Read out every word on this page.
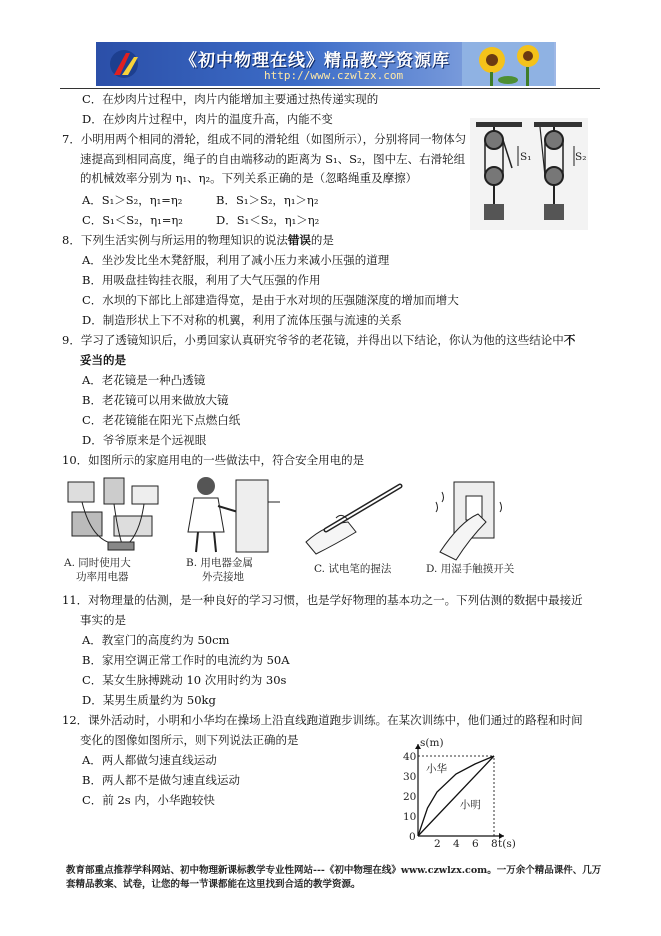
《初中物理在线》精品教学资源库
http://www.czwlzx.com
C．在炒肉片过程中，肉片内能增加主要通过热传递实现的
D．在炒肉片过程中，肉片的温度升高，内能不变
7．小明用两个相同的滑轮，组成不同的滑轮组（如图所示），分别将同一物体匀
速提高到相同高度，绳子的自由端移动的距离为 S₁、S₂，图中左、右滑轮组
的机械效率分别为 η₁、η₂。下列关系正确的是（忽略绳重及摩擦）
A．S₁＞S₂，η₁=η₂	B．S₁＞S₂，η₁＞η₂
C．S₁＜S₂，η₁=η₂	D．S₁＜S₂，η₁＞η₂
S₁	S₂
8．下列生活实例与所运用的物理知识的说法错误的是
A．坐沙发比坐木凳舒服，利用了减小压力来减小压强的道理
B．用吸盘挂钩挂衣服，利用了大气压强的作用
C．水坝的下部比上部建造得宽，是由于水对坝的压强随深度的增加而增大
D．制造形状上下不对称的机翼，利用了流体压强与流速的关系
9．学习了透镜知识后，小勇回家认真研究爷爷的老花镜，并得出以下结论，你认为他的这些结论中不
妥当的是
A．老花镜是一种凸透镜
B．老花镜可以用来做放大镜
C．老花镜能在阳光下点燃白纸
D．爷爷原来是个远视眼
10．如图所示的家庭用电的一些做法中，符合安全用电的是
A. 同时使用大
功率用电器
B. 用电器金属
外壳接地
C. 试电笔的握法	D. 用湿手触摸开关
11．对物理量的估测，是一种良好的学习习惯，也是学好物理的基本功之一。下列估测的数据中最接近
事实的是
A．教室门的高度约为 50cm
B．家用空调正常工作时的电流约为 50A
C．某女生脉搏跳动 10 次用时约为 30s
D．某男生质量约为 50kg
12．课外活动时，小明和小华均在操场上沿直线跑道跑步训练。在某次训练中，他们通过的路程和时间
变化的图像如图所示，则下列说法正确的是
A．两人都做匀速直线运动
B．两人都不是做匀速直线运动
C．前 2s 内，小华跑较快
2 4 6 8
0
10
20
30
40
s(m)
t(s)
小华
小明
教育部重点推荐学科网站、初中物理新课标教学专业性网站---《初中物理在线》www.czwlzx.com。一万余个精品课件、几万套精品教案、试卷，让您的每一节课都能在这里找到合适的教学资源。
